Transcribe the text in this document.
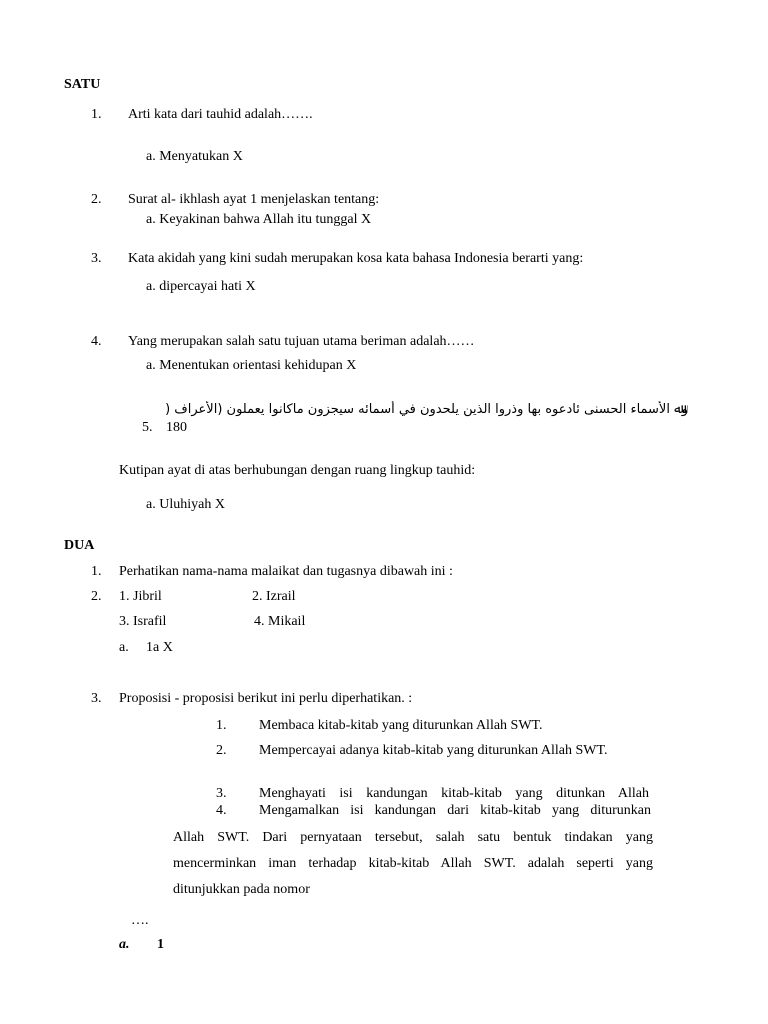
SATU
1. Arti kata dari tauhid adalah…….
a. Menyatukan X
2. Surat al- ikhlash ayat 1 menjelaskan tentang:
a. Keyakinan bahwa Allah itu tunggal X
3. Kata akidah yang kini sudah merupakan kosa kata bahasa Indonesia berarti yang:
a. dipercayai hati X
4. Yang merupakan salah satu tujuan utama beriman adalah……
a. Menentukan orientasi kehidupan X
وﷲ الأسماء الحسنى ئادعوه بها وذروا الذين يلحدون في أسمائه سيجزون ماكانوا يعملون (الأعراف (
5. 180
Kutipan ayat di atas berhubungan dengan ruang lingkup tauhid:
a. Uluhiyah X
DUA
1. Perhatikan nama-nama malaikat dan tugasnya dibawah ini :
2. 1. Jibril	2. Izrail
3. Israfil	4. Mikail
a. 1a X
3. Proposisi - proposisi berikut ini perlu diperhatikan. :
1. Membaca kitab-kitab yang diturunkan Allah SWT.
2. Mempercayai adanya kitab-kitab yang diturunkan Allah SWT.
3. Menghayati isi kandungan kitab-kitab yang ditunkan Allah
4. Mengamalkan isi kandungan dari kitab-kitab yang diturunkan
Allah SWT. Dari pernyataan tersebut, salah satu bentuk tindakan yang
mencerminkan iman terhadap kitab-kitab Allah SWT. adalah seperti yang
ditunjukkan pada nomor
….
a. 1
